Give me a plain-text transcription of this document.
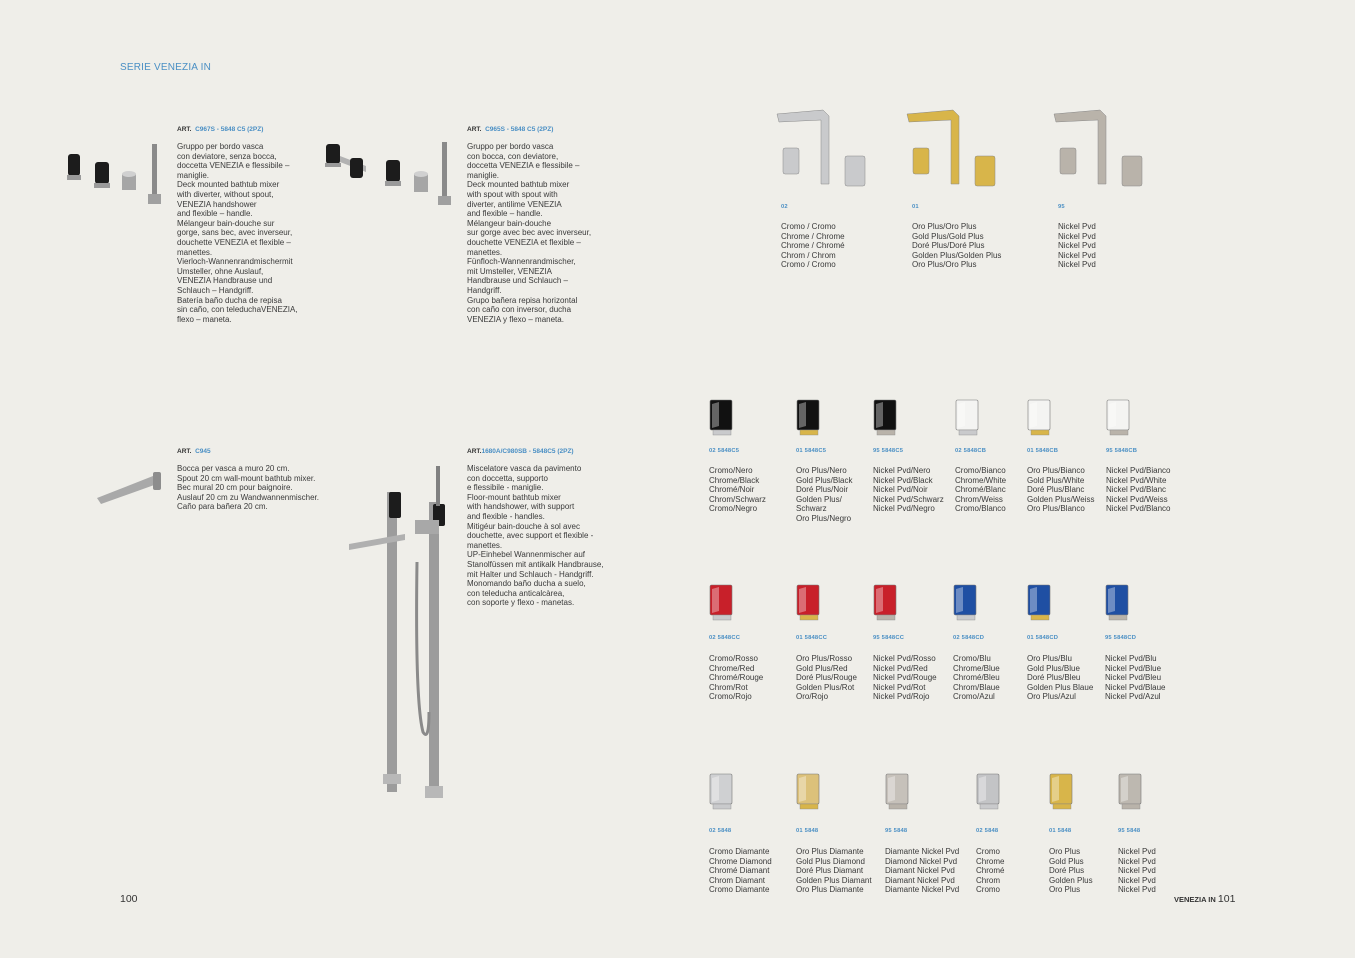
SERIE VENEZIA IN
ART. C967S - 5848 C5 (2PZ)
Gruppo per bordo vasca
con deviatore, senza bocca,
doccetta VENEZIA e flessibile –
maniglie.
Deck mounted bathtub mixer
with diverter, without spout,
VENEZIA handshower
and flexible – handle.
Mélangeur bain-douche sur
gorge, sans bec, avec inverseur,
douchette VENEZIA et flexible –
manettes.
Vierloch-Wannenrandmischermit
Umsteller, ohne Auslauf,
VENEZIA Handbrause und
Schlauch – Handgriff.
Batería baño ducha de repisa
sin caño, con teleduchaVENEZIA,
flexo – maneta.
ART. C965S - 5848 C5 (2PZ)
Gruppo per bordo vasca
con bocca, con deviatore,
doccetta VENEZIA e flessibile –
maniglie.
Deck mounted bathtub mixer
with spout with spout with
diverter, antilime VENEZIA
and flexible – handle.
Mélangeur bain-douche
sur gorge avec bec avec inverseur,
douchette VENEZIA et flexible –
manettes.
Fünfloch-Wannenrandmischer,
mit Umsteller, VENEZIA
Handbrause und Schlauch –
Handgriff.
Grupo bañera repisa horizontal
con caño con inversor, ducha
VENEZIA y flexo – maneta.
ART. C945
Bocca per vasca a muro 20 cm.
Spout 20 cm wall-mount bathtub mixer.
Bec mural 20 cm pour baignoire.
Auslauf 20 cm zu Wandwannenmischer.
Caño para bañera 20 cm.
ART.1680A/C980SB - 5848C5 (2PZ)
Miscelatore vasca da pavimento
con doccetta, supporto
e flessibile - maniglie.
Floor-mount bathtub mixer
with handshower, with support
and flexible - handles.
Mitigéur bain-douche à sol avec
douchette, avec support et flexible -
manettes.
UP-Einhebel Wannenmischer auf
Stanolfüssen mit antikalk Handbrause,
mit Halter und Schlauch - Handgriff.
Monomando baño ducha a suelo,
con teleducha anticalcàrea,
con soporte y flexo - manetas.
02
Cromo / Cromo
Chrome / Chrome
Chrome / Chromé
Chrom / Chrom
Cromo / Cromo
01
Oro Plus/Oro Plus
Gold Plus/Gold Plus
Doré Plus/Doré Plus
Golden Plus/Golden Plus
Oro Plus/Oro Plus
95
Nickel Pvd
Nickel Pvd
Nickel Pvd
Nickel Pvd
Nickel Pvd
02 5848C5
Cromo/Nero
Chrome/Black
Chromé/Noir
Chrom/Schwarz
Cromo/Negro
01 5848C5
Oro Plus/Nero
Gold Plus/Black
Doré Plus/Noir
Golden Plus/
Schwarz
Oro Plus/Negro
95 5848C5
Nickel Pvd/Nero
Nickel Pvd/Black
Nickel Pvd/Noir
Nickel Pvd/Schwarz
Nickel Pvd/Negro
02 5848CB
Cromo/Bianco
Chrome/White
Chromé/Blanc
Chrom/Weiss
Cromo/Blanco
01 5848CB
Oro Plus/Bianco
Gold Plus/White
Doré Plus/Blanc
Golden Plus/Weiss
Oro Plus/Blanco
95 5848CB
Nickel Pvd/Bianco
Nickel Pvd/White
Nickel Pvd/Blanc
Nickel Pvd/Weiss
Nickel Pvd/Blanco
02 5848CC
Cromo/Rosso
Chrome/Red
Chromé/Rouge
Chrom/Rot
Cromo/Rojo
01 5848CC
Oro Plus/Rosso
Gold Plus/Red
Doré Plus/Rouge
Golden Plus/Rot
Oro/Rojo
95 5848CC
Nickel Pvd/Rosso
Nickel Pvd/Red
Nickel Pvd/Rouge
Nickel Pvd/Rot
Nickel Pvd/Rojo
02 5848CD
Cromo/Blu
Chrome/Blue
Chromé/Bleu
Chrom/Blaue
Cromo/Azul
01 5848CD
Oro Plus/Blu
Gold Plus/Blue
Doré Plus/Bleu
Golden Plus Blaue
Oro Plus/Azul
95 5848CD
Nickel Pvd/Blu
Nickel Pvd/Blue
Nickel Pvd/Bleu
Nickel Pvd/Blaue
Nickel Pvd/Azul
02 5848
Cromo Diamante
Chrome Diamond
Chromé Diamant
Chrom Diamant
Cromo Diamante
01 5848
Oro Plus Diamante
Gold Plus Diamond
Doré Plus Diamant
Golden Plus Diamant
Oro Plus Diamante
95 5848
Diamante Nickel Pvd
Diamond Nickel Pvd
Diamant Nickel Pvd
Diamant Nickel Pvd
Diamante Nickel Pvd
02 5848
Cromo
Chrome
Chromé
Chrom
Cromo
01 5848
Oro Plus
Gold Plus
Doré Plus
Golden Plus
Oro Plus
95 5848
Nickel Pvd
Nickel Pvd
Nickel Pvd
Nickel Pvd
Nickel Pvd
100	VENEZIA IN 101
